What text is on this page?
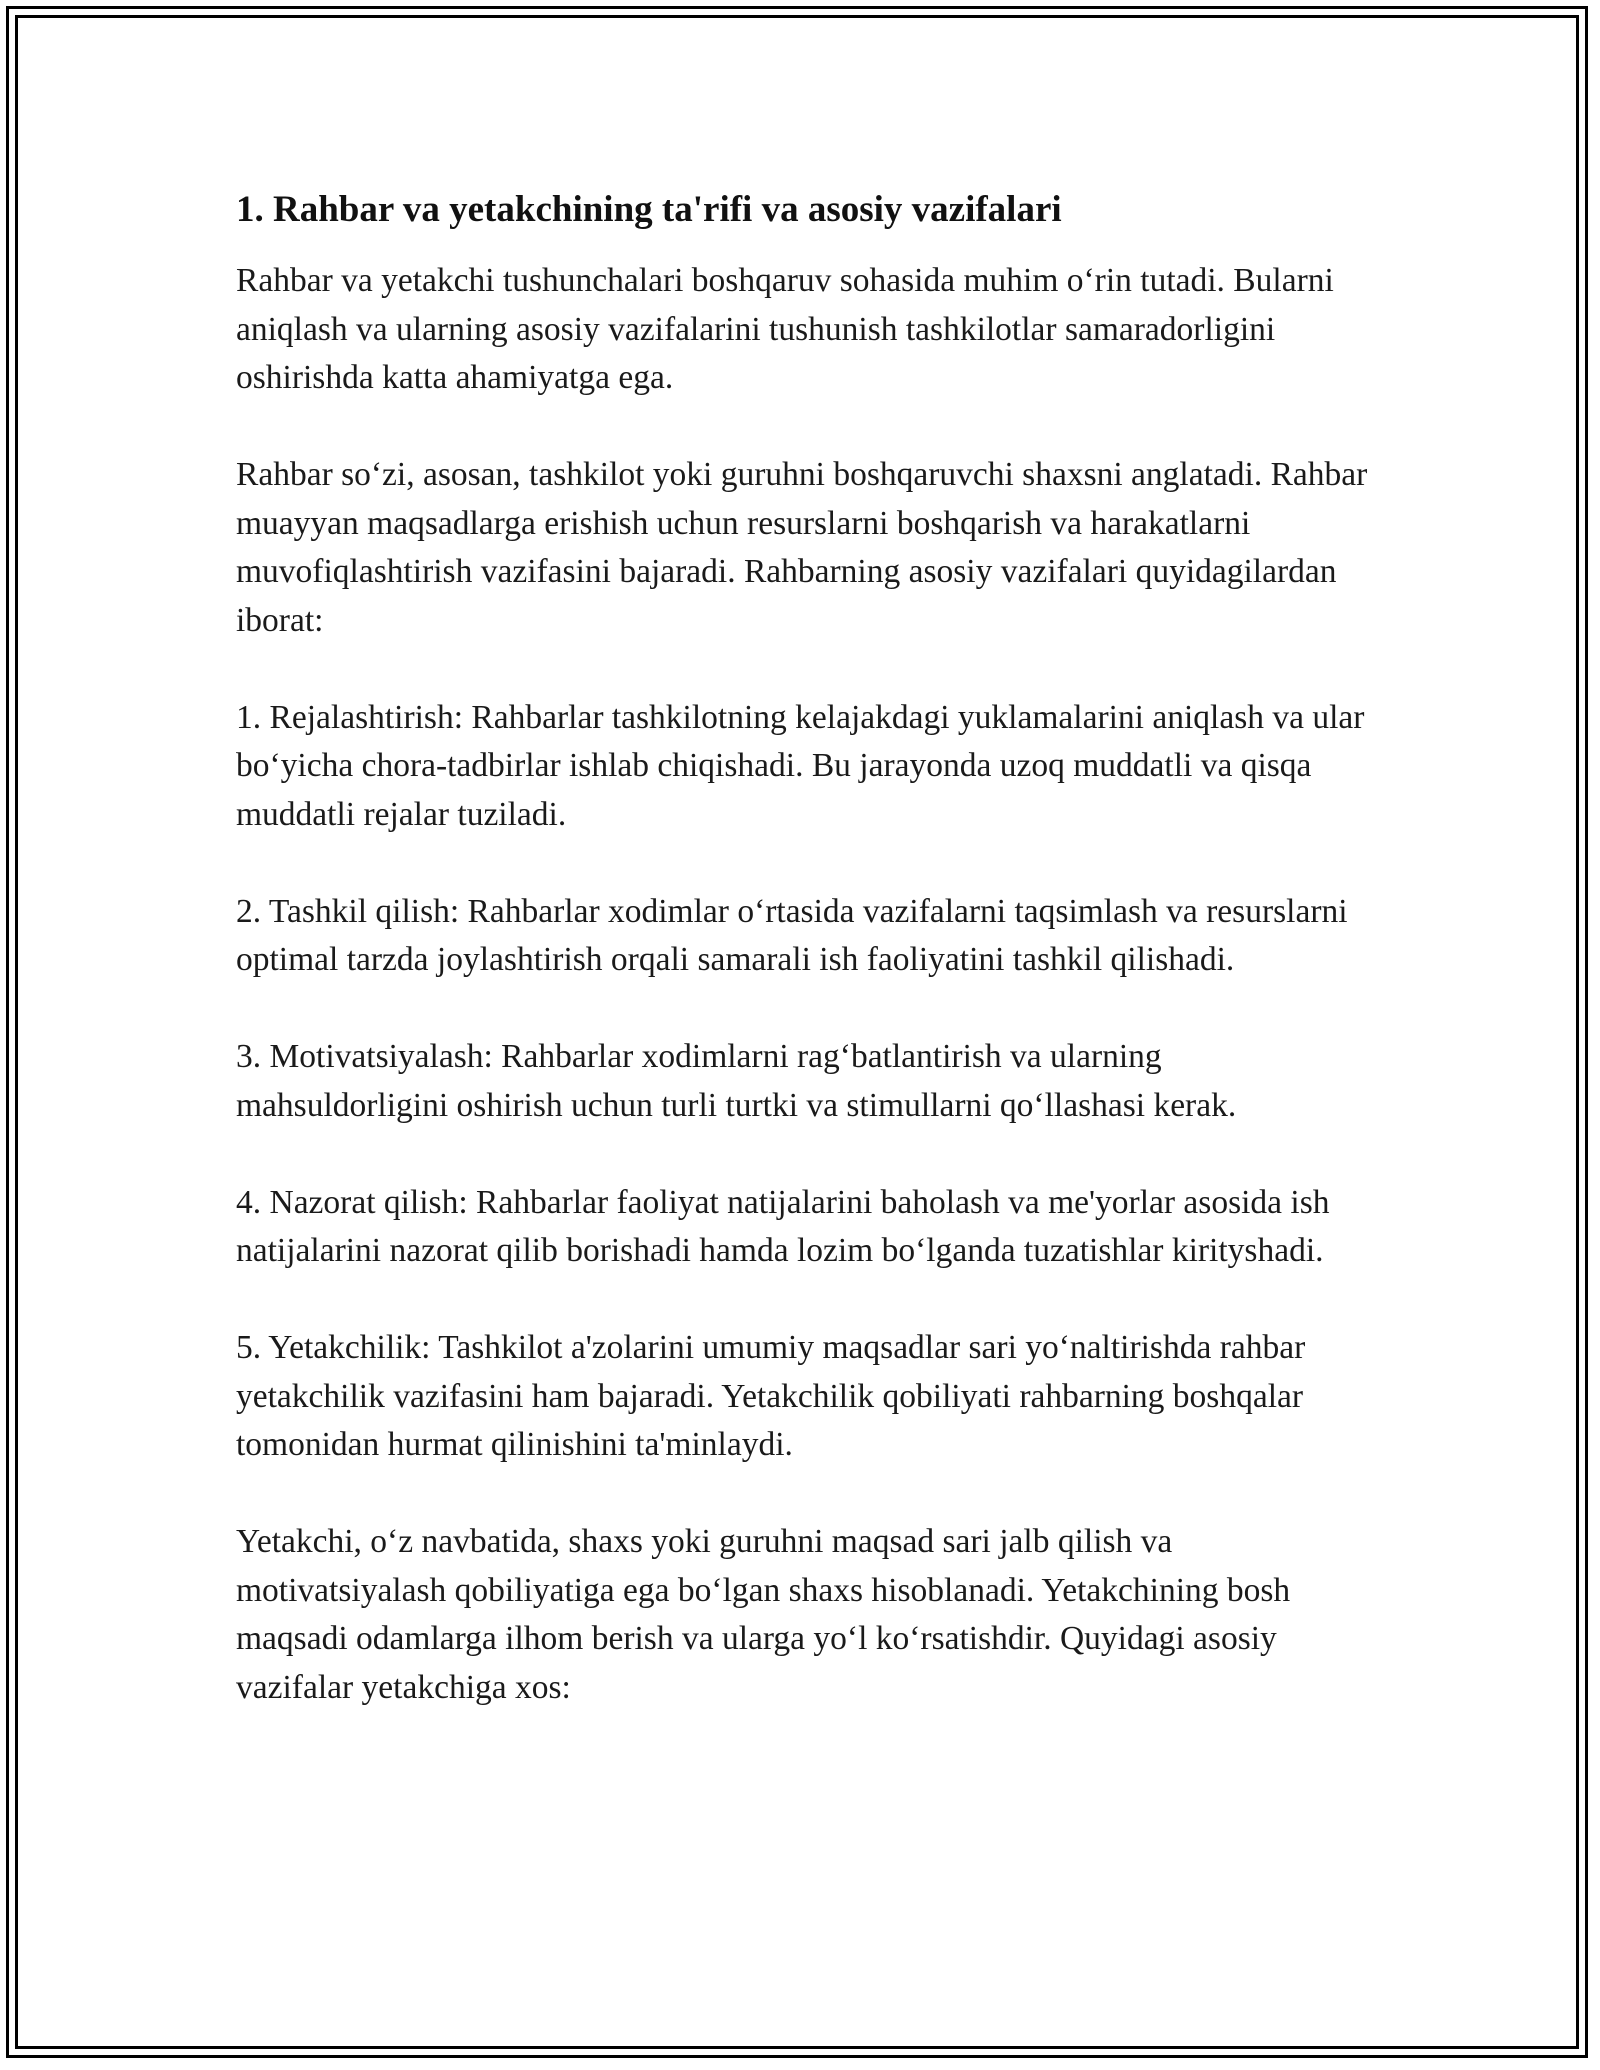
1. Rahbar va yetakchining ta'rifi va asosiy vazifalari

Rahbar va yetakchi tushunchalari boshqaruv sohasida muhim o‘rin tutadi. Bularni aniqlash va ularning asosiy vazifalarini tushunish tashkilotlar samaradorligini oshirishda katta ahamiyatga ega.

Rahbar so‘zi, asosan, tashkilot yoki guruhni boshqaruvchi shaxsni anglatadi. Rahbar muayyan maqsadlarga erishish uchun resurslarni boshqarish va harakatlarni muvofiqlashtirish vazifasini bajaradi. Rahbarning asosiy vazifalari quyidagilardan iborat:

1. Rejalashtirish: Rahbarlar tashkilotning kelajakdagi yuklamalarini aniqlash va ular bo‘yicha chora-tadbirlar ishlab chiqishadi. Bu jarayonda uzoq muddatli va qisqa muddatli rejalar tuziladi.

2. Tashkil qilish: Rahbarlar xodimlar o‘rtasida vazifalarni taqsimlash va resurslarni optimal tarzda joylashtirish orqali samarali ish faoliyatini tashkil qilishadi.

3. Motivatsiyalash: Rahbarlar xodimlarni rag‘batlantirish va ularning mahsuldorligini oshirish uchun turli turtki va stimullarni qo‘llashasi kerak.

4. Nazorat qilish: Rahbarlar faoliyat natijalarini baholash va me'yorlar asosida ish natijalarini nazorat qilib borishadi hamda lozim bo‘lganda tuzatishlar kirityshadi.

5. Yetakchilik: Tashkilot a'zolarini umumiy maqsadlar sari yo‘naltirishda rahbar yetakchilik vazifasini ham bajaradi. Yetakchilik qobiliyati rahbarning boshqalar tomonidan hurmat qilinishini ta'minlaydi.

Yetakchi, o‘z navbatida, shaxs yoki guruhni maqsad sari jalb qilish va motivatsiyalash qobiliyatiga ega bo‘lgan shaxs hisoblanadi. Yetakchining bosh maqsadi odamlarga ilhom berish va ularga yo‘l ko‘rsatishdir. Quyidagi asosiy vazifalar yetakchiga xos:
